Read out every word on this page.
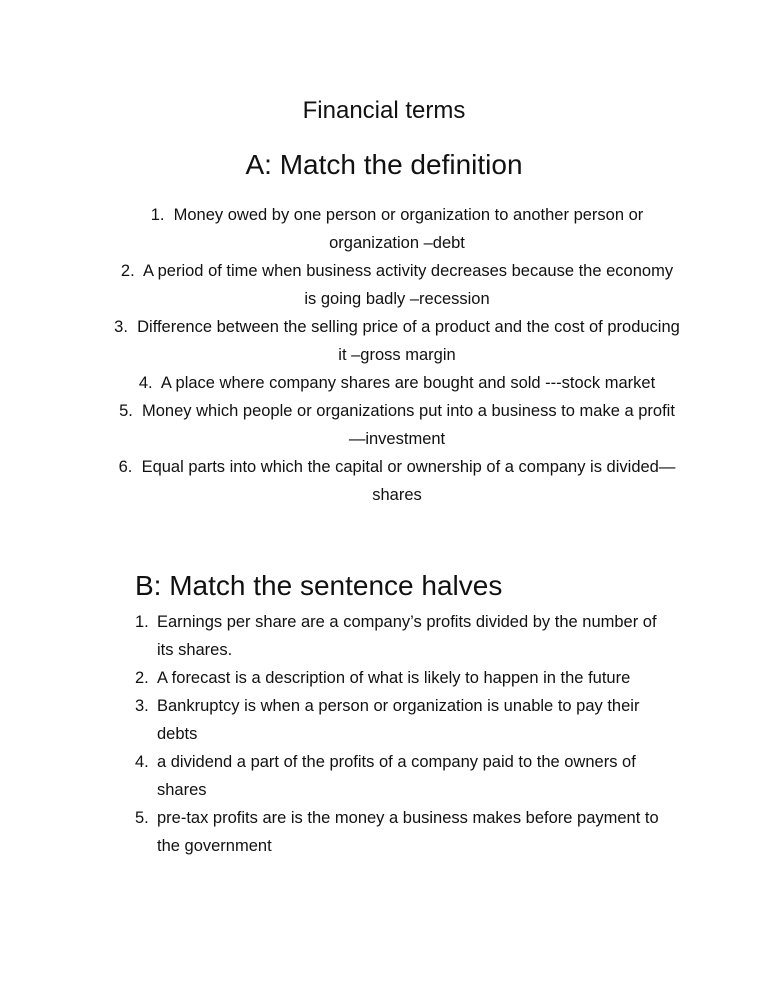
Financial terms
A: Match the definition
1. Money owed by one person or organization to another person or organization –debt
2. A period of time when business activity decreases because the economy is going badly –recession
3. Difference between the selling price of a product and the cost of producing it –gross margin
4. A place where company shares are bought and sold ---stock market
5. Money which people or organizations put into a business to make a profit—investment
6. Equal parts into which the capital or ownership of a company is divided—shares
B: Match the sentence halves
1. Earnings per share are a company’s profits divided by the number of its shares.
2. A forecast is a description of what is likely to happen in the future
3. Bankruptcy is when a person or organization is unable to pay their debts
4. a dividend a part of the profits of a company paid to the owners of shares
5. pre-tax profits are is the money a business makes before payment to the government
